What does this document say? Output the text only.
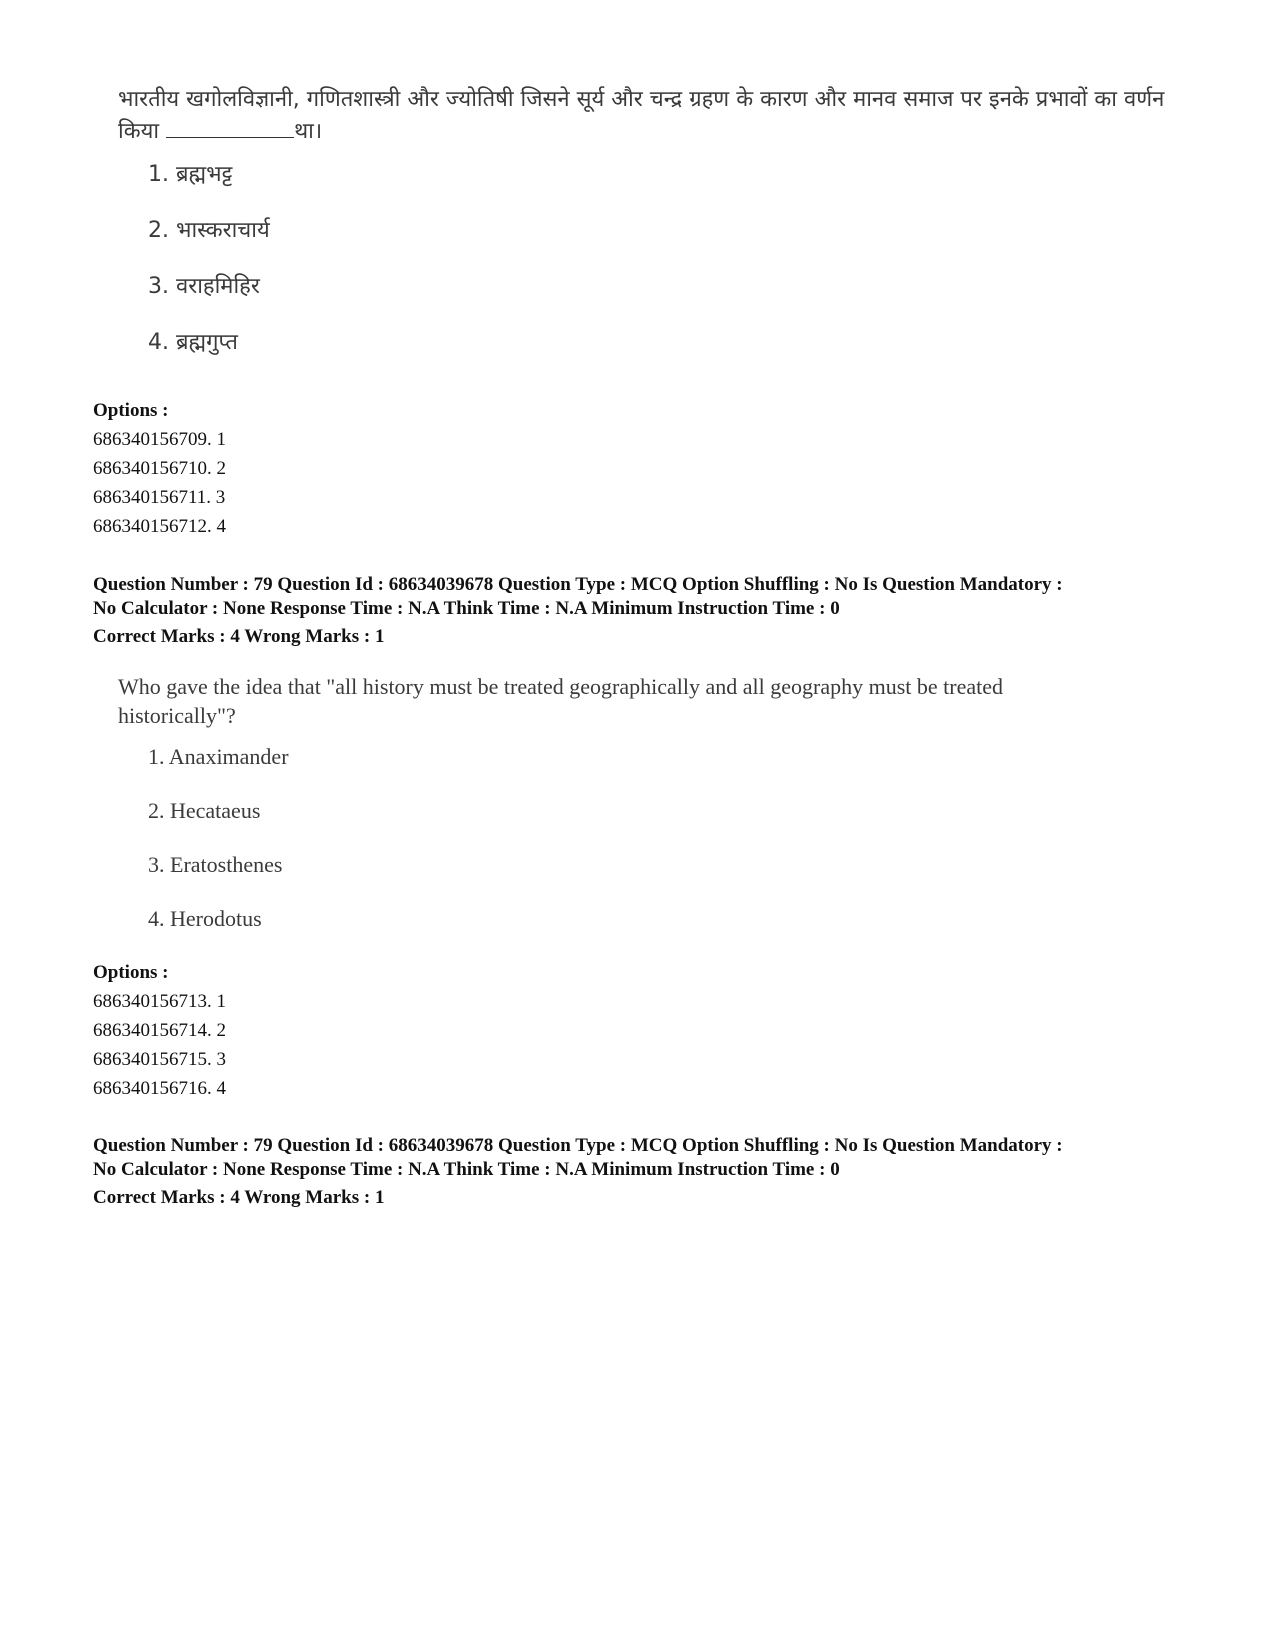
भारतीय खगोलविज्ञानी, गणितशास्त्री और ज्योतिषी जिसने सूर्य और चन्द्र ग्रहण के कारण और मानव समाज पर इनके प्रभावों का वर्णन किया	था।
1. ब्रह्मभट्ट
2. भास्कराचार्य
3. वराहमिहिर
4. ब्रह्मगुप्त
Options :
686340156709. 1
686340156710. 2
686340156711. 3
686340156712. 4
Question Number : 79 Question Id : 68634039678 Question Type : MCQ Option Shuffling : No Is Question Mandatory :
No Calculator : None Response Time : N.A Think Time : N.A Minimum Instruction Time : 0
Correct Marks : 4 Wrong Marks : 1
Who gave the idea that "all history must be treated geographically and all geography must be treated historically"?
1. Anaximander
2. Hecataeus
3. Eratosthenes
4. Herodotus
Options :
686340156713. 1
686340156714. 2
686340156715. 3
686340156716. 4
Question Number : 79 Question Id : 68634039678 Question Type : MCQ Option Shuffling : No Is Question Mandatory :
No Calculator : None Response Time : N.A Think Time : N.A Minimum Instruction Time : 0
Correct Marks : 4 Wrong Marks : 1
